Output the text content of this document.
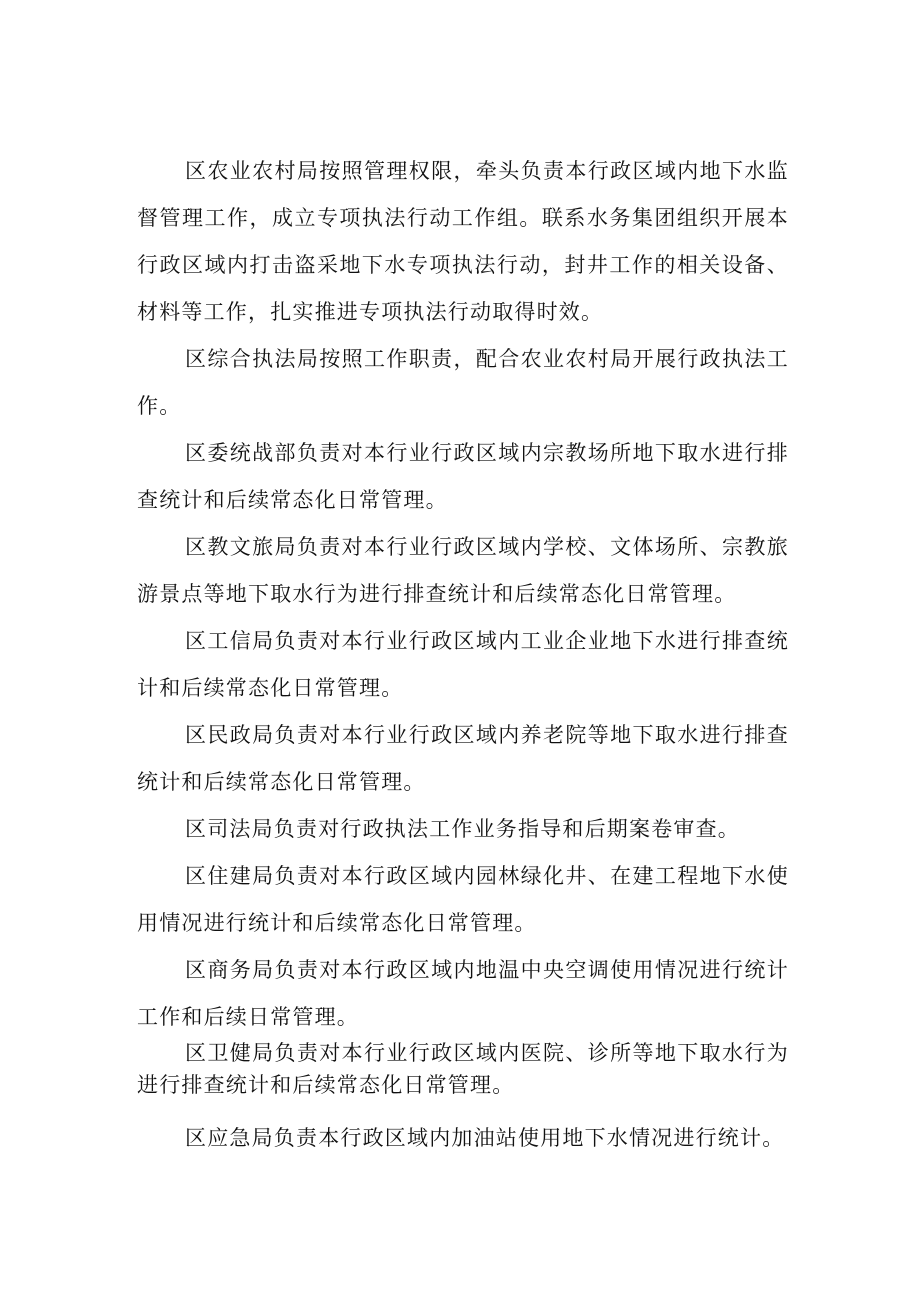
区农业农村局按照管理权限，牵头负责本行政区域内地下水监督管理工作，成立专项执法行动工作组。联系水务集团组织开展本行政区域内打击盗采地下水专项执法行动，封井工作的相关设备、材料等工作，扎实推进专项执法行动取得时效。

区综合执法局按照工作职责，配合农业农村局开展行政执法工作。

区委统战部负责对本行业行政区域内宗教场所地下取水进行排查统计和后续常态化日常管理。

区教文旅局负责对本行业行政区域内学校、文体场所、宗教旅游景点等地下取水行为进行排查统计和后续常态化日常管理。

区工信局负责对本行业行政区域内工业企业地下水进行排查统计和后续常态化日常管理。

区民政局负责对本行业行政区域内养老院等地下取水进行排查统计和后续常态化日常管理。

区司法局负责对行政执法工作业务指导和后期案卷审查。

区住建局负责对本行政区域内园林绿化井、在建工程地下水使用情况进行统计和后续常态化日常管理。

区商务局负责对本行政区域内地温中央空调使用情况进行统计工作和后续日常管理。

区卫健局负责对本行业行政区域内医院、诊所等地下取水行为进行排查统计和后续常态化日常管理。

区应急局负责本行政区域内加油站使用地下水情况进行统计。
